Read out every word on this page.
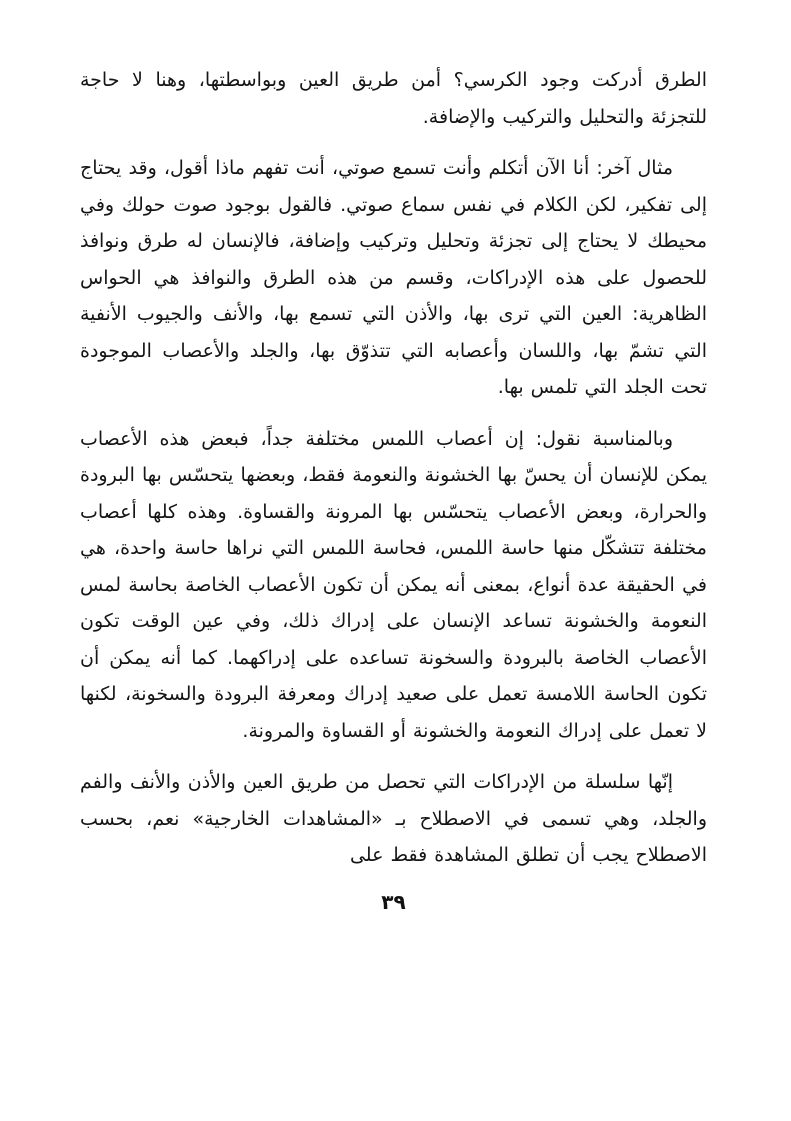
الطرق أدركت وجود الكرسي؟ أمن طريق العين وبواسطتها، وهنا لا حاجة للتجزئة والتحليل والتركيب والإضافة.

مثال آخر: أنا الآن أتكلم وأنت تسمع صوتي، أنت تفهم ماذا أقول، وقد يحتاج إلى تفكير، لكن الكلام في نفس سماع صوتي. فالقول بوجود صوت حولك وفي محيطك لا يحتاج إلى تجزئة وتحليل وتركيب وإضافة، فالإنسان له طرق ونوافذ للحصول على هذه الإدراكات، وقسم من هذه الطرق والنوافذ هي الحواس الظاهرية: العين التي ترى بها، والأذن التي تسمع بها، والأنف والجيوب الأنفية التي تشمّ بها، واللسان وأعصابه التي تتذوّق بها، والجلد والأعصاب الموجودة تحت الجلد التي تلمس بها.

وبالمناسبة نقول: إن أعصاب اللمس مختلفة جداً، فبعض هذه الأعصاب يمكن للإنسان أن يحسّ بها الخشونة والنعومة فقط، وبعضها يتحسّس بها البرودة والحرارة، وبعض الأعصاب يتحسّس بها المرونة والقساوة. وهذه كلها أعصاب مختلفة تتشكّل منها حاسة اللمس، فحاسة اللمس التي نراها حاسة واحدة، هي في الحقيقة عدة أنواع، بمعنى أنه يمكن أن تكون الأعصاب الخاصة بحاسة لمس النعومة والخشونة تساعد الإنسان على إدراك ذلك، وفي عين الوقت تكون الأعصاب الخاصة بالبرودة والسخونة تساعده على إدراكهما. كما أنه يمكن أن تكون الحاسة اللامسة تعمل على صعيد إدراك ومعرفة البرودة والسخونة، لكنها لا تعمل على إدراك النعومة والخشونة أو القساوة والمرونة.

إنّها سلسلة من الإدراكات التي تحصل من طريق العين والأذن والأنف والفم والجلد، وهي تسمى في الاصطلاح بـ «المشاهدات الخارجية» نعم، بحسب الاصطلاح يجب أن تطلق المشاهدة فقط على

٣٩
